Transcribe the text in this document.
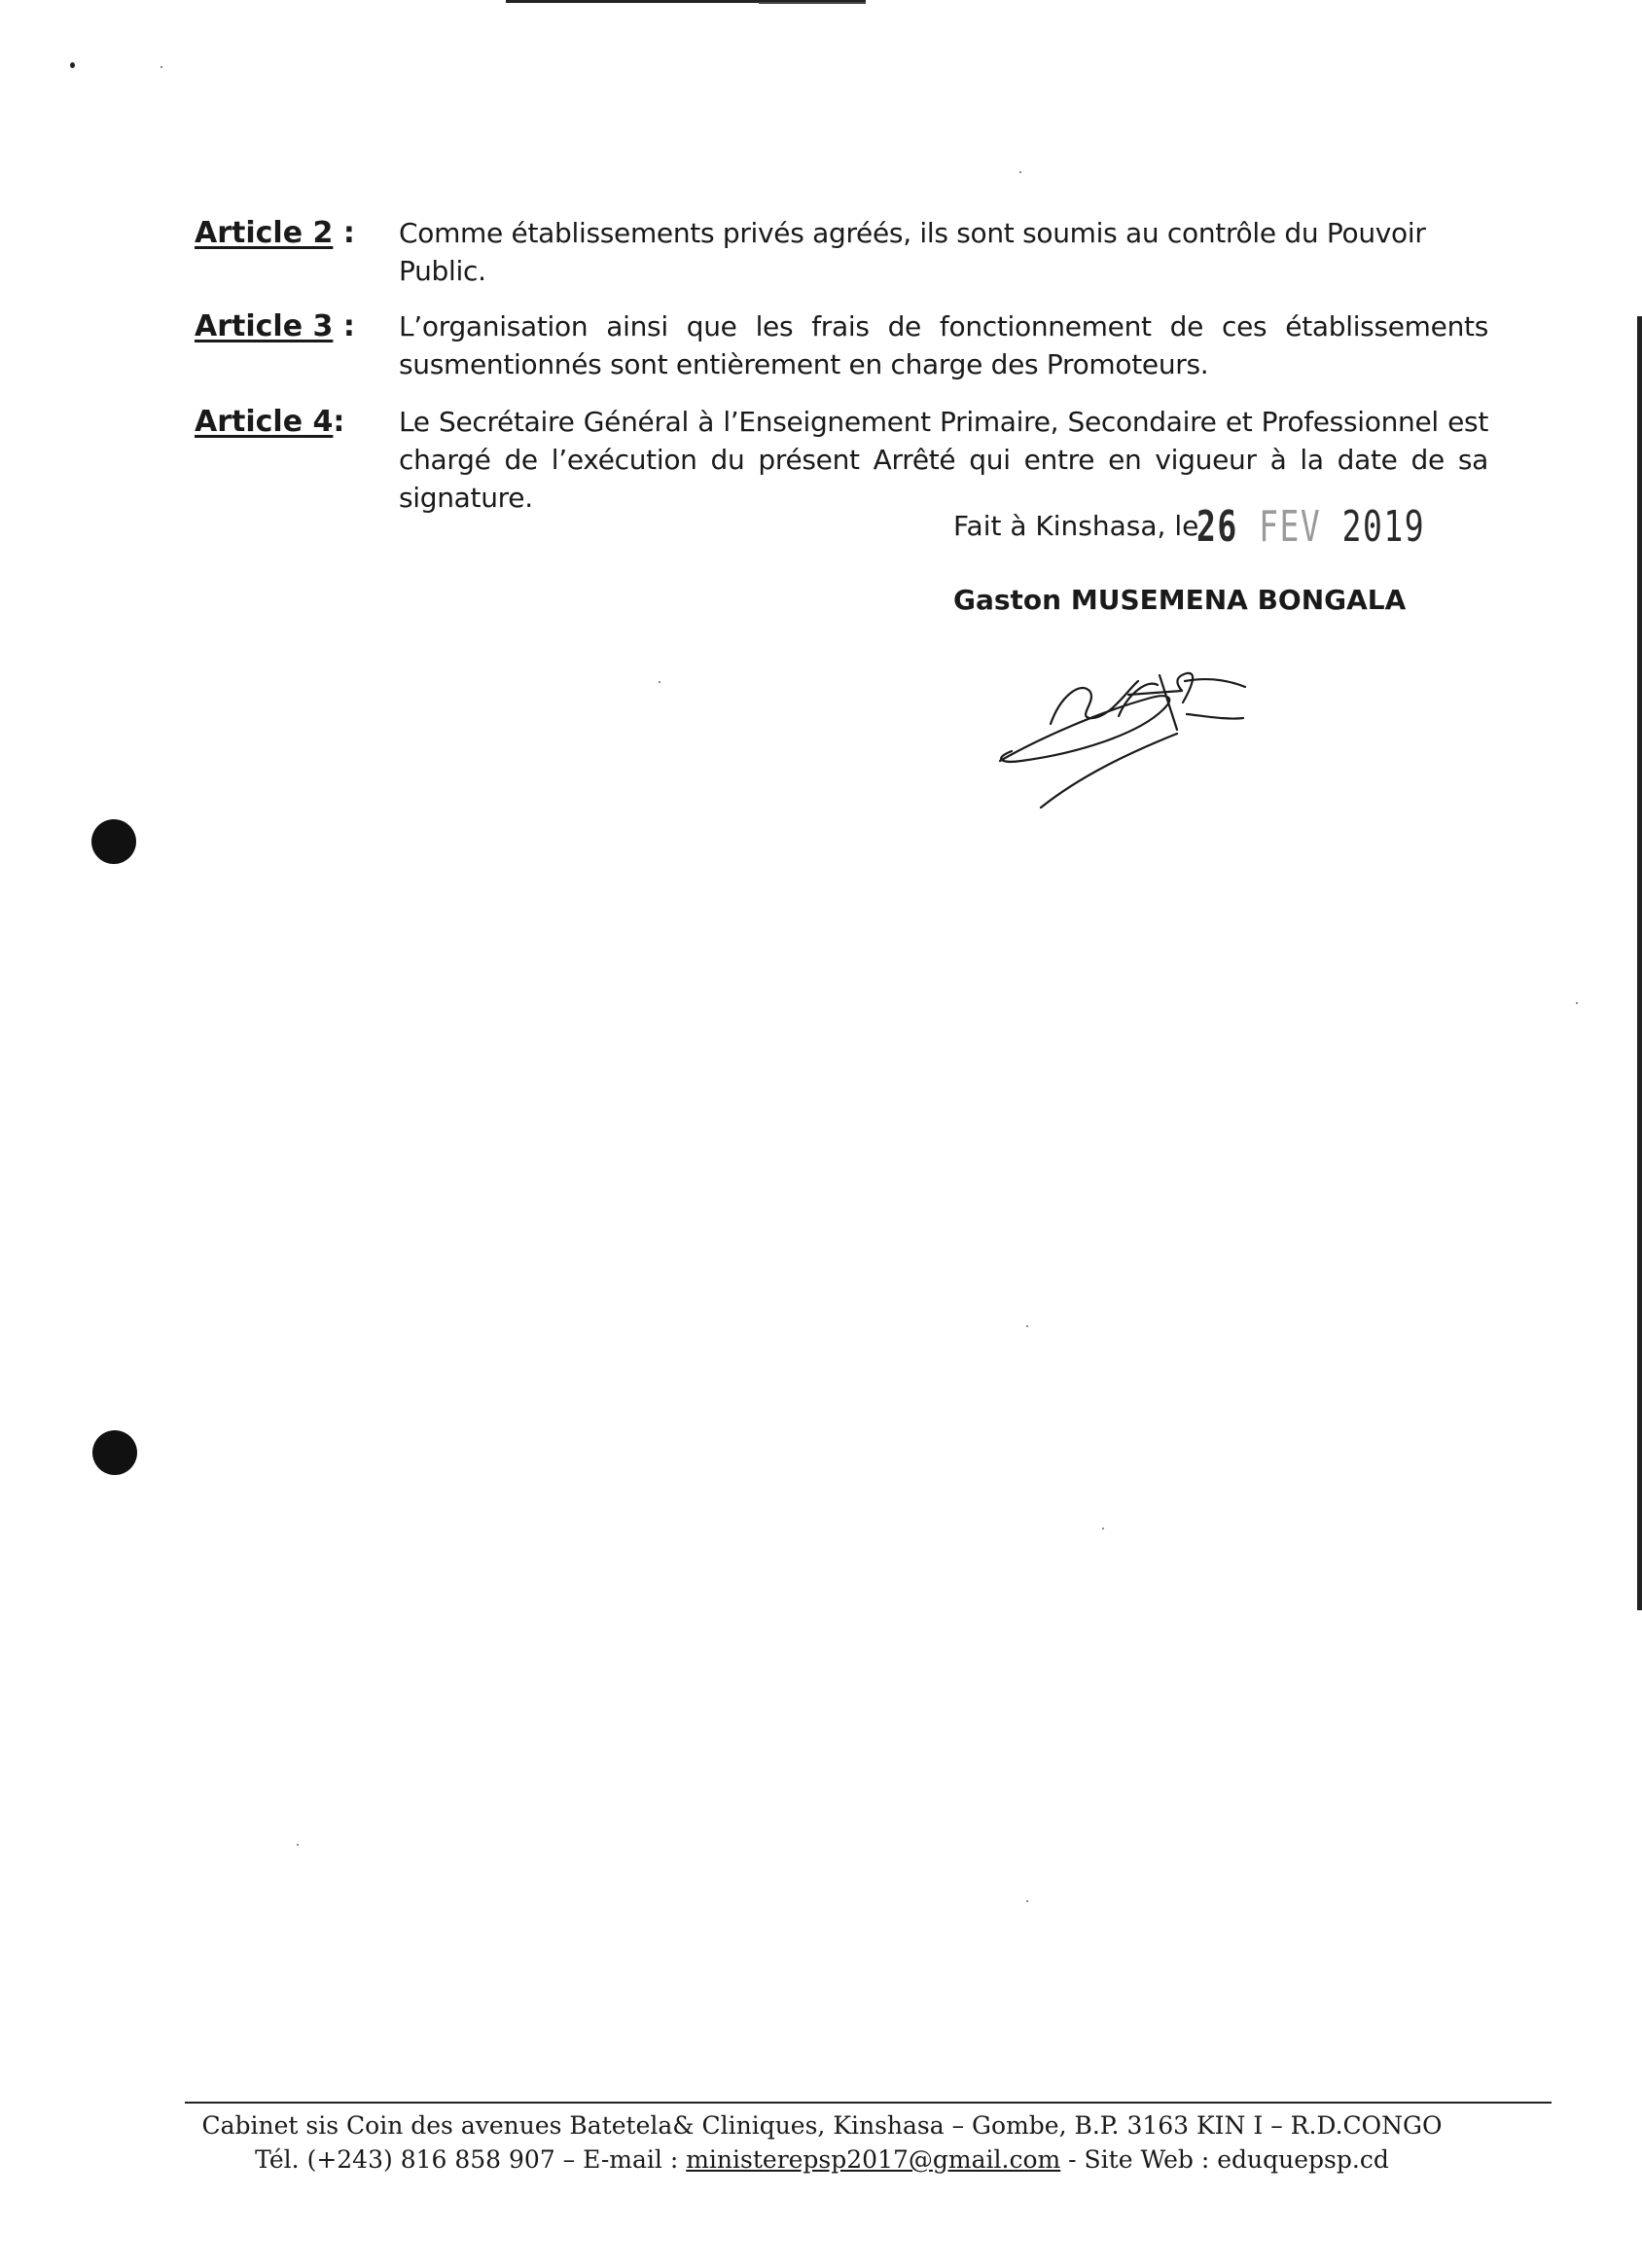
Article 2 : Comme établissements privés agréés, ils sont soumis au contrôle du Pouvoir Public.
Article 3 : L’organisation ainsi que les frais de fonctionnement de ces établissements susmentionnés sont entièrement en charge des Promoteurs.
Article 4: Le Secrétaire Général à l’Enseignement Primaire, Secondaire et Professionnel est chargé de l’exécution du présent Arrêté qui entre en vigueur à la date de sa signature.
Fait à Kinshasa, le
26 FEV 2019
Gaston MUSEMENA BONGALA
Cabinet sis Coin des avenues Batetela& Cliniques, Kinshasa – Gombe, B.P. 3163 KIN I – R.D.CONGO
Tél. (+243) 816 858 907 – E-mail : ministerepsp2017@gmail.com - Site Web : eduquepsp.cd
